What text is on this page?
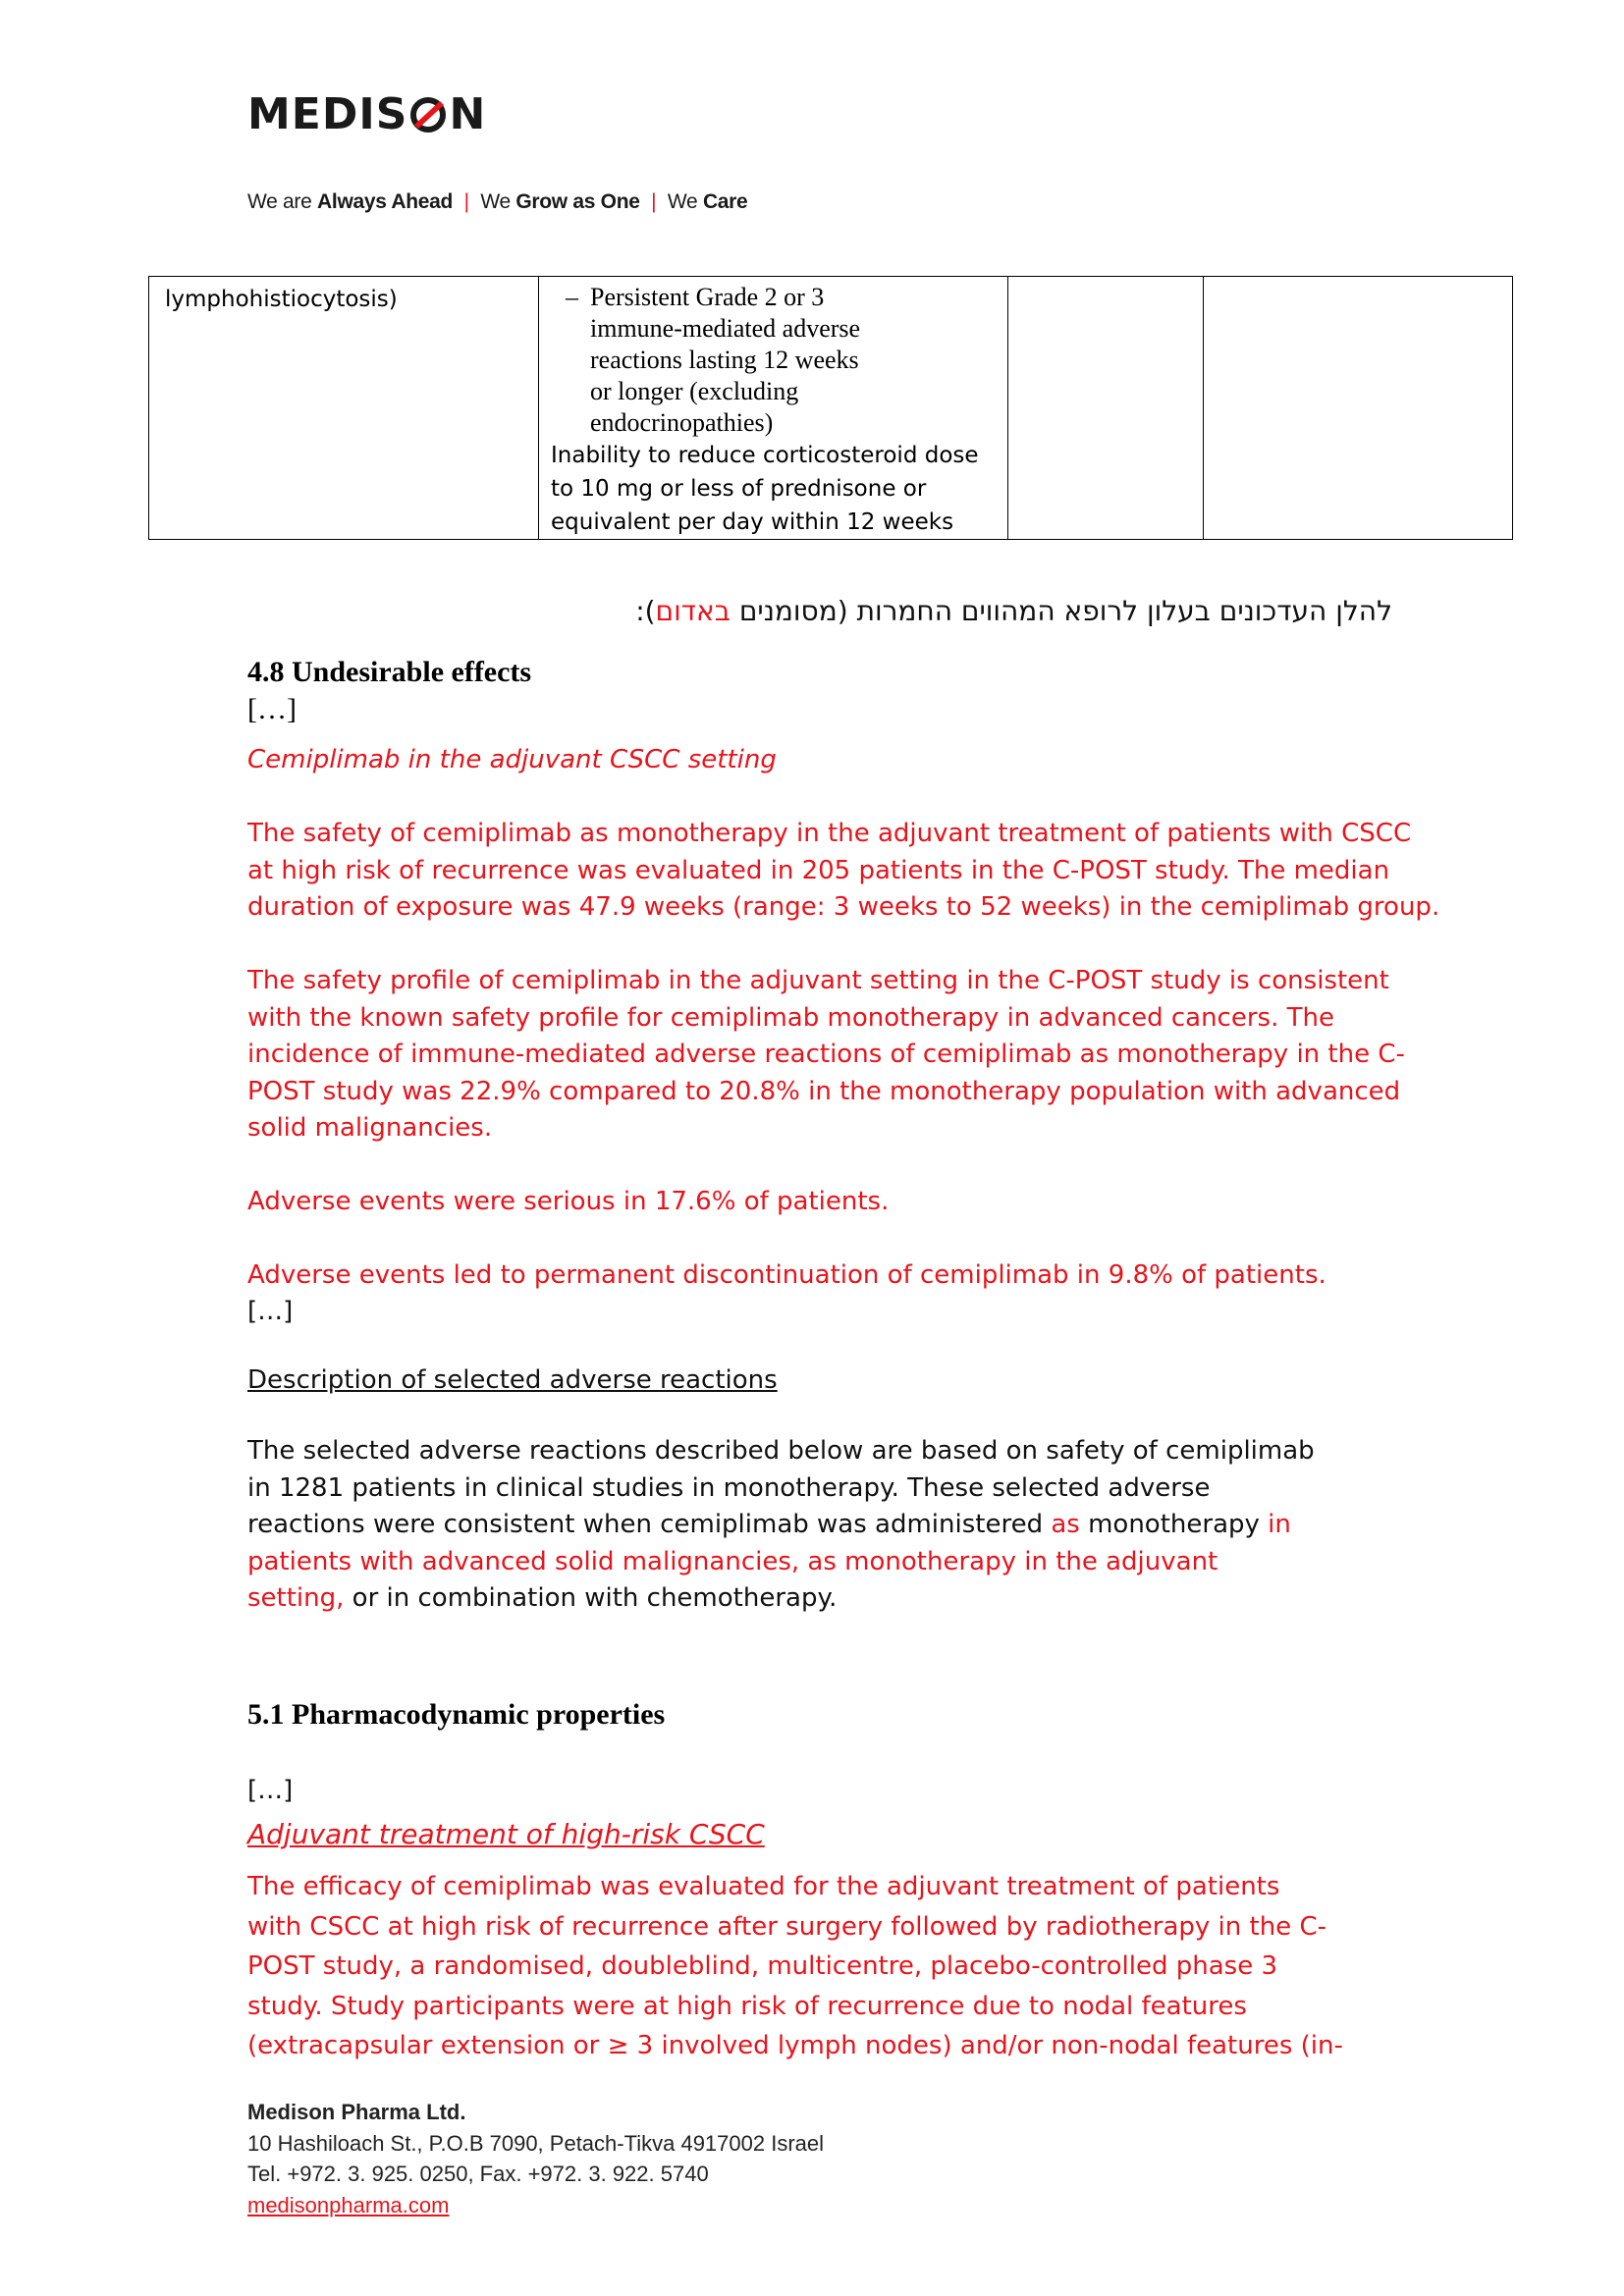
MEDIS N
We are Always Ahead | We Grow as One | We Care
lymphohistiocytosis)	– Persistent Grade 2 or 3
immune-mediated adverse
reactions lasting 12 weeks
or longer (excluding
endocrinopathies)
Inability to reduce corticosteroid dose
to 10 mg or less of prednisone or
equivalent per day within 12 weeks

להלן העדכונים בעלון לרופא המהווים החמרות (מסומנים באדום):
4.8 Undesirable effects
[…]
Cemiplimab in the adjuvant CSCC setting
The safety of cemiplimab as monotherapy in the adjuvant treatment of patients with CSCC
at high risk of recurrence was evaluated in 205 patients in the C-POST study. The median
duration of exposure was 47.9 weeks (range: 3 weeks to 52 weeks) in the cemiplimab group.
The safety profile of cemiplimab in the adjuvant setting in the C-POST study is consistent
with the known safety profile for cemiplimab monotherapy in advanced cancers. The
incidence of immune-mediated adverse reactions of cemiplimab as monotherapy in the C-
POST study was 22.9% compared to 20.8% in the monotherapy population with advanced
solid malignancies.
Adverse events were serious in 17.6% of patients.
Adverse events led to permanent discontinuation of cemiplimab in 9.8% of patients.
[…]
Description of selected adverse reactions
The selected adverse reactions described below are based on safety of cemiplimab
in 1281 patients in clinical studies in monotherapy. These selected adverse
reactions were consistent when cemiplimab was administered as monotherapy in
patients with advanced solid malignancies, as monotherapy in the adjuvant
setting, or in combination with chemotherapy.
5.1 Pharmacodynamic properties
[…]
Adjuvant treatment of high-risk CSCC
The efficacy of cemiplimab was evaluated for the adjuvant treatment of patients
with CSCC at high risk of recurrence after surgery followed by radiotherapy in the C-
POST study, a randomised, doubleblind, multicentre, placebo-controlled phase 3
study. Study participants were at high risk of recurrence due to nodal features
(extracapsular extension or ≥ 3 involved lymph nodes) and/or non-nodal features (in-
Medison Pharma Ltd.
10 Hashiloach St., P.O.B 7090, Petach-Tikva 4917002 Israel
Tel. +972. 3. 925. 0250, Fax. +972. 3. 922. 5740
medisonpharma.com
